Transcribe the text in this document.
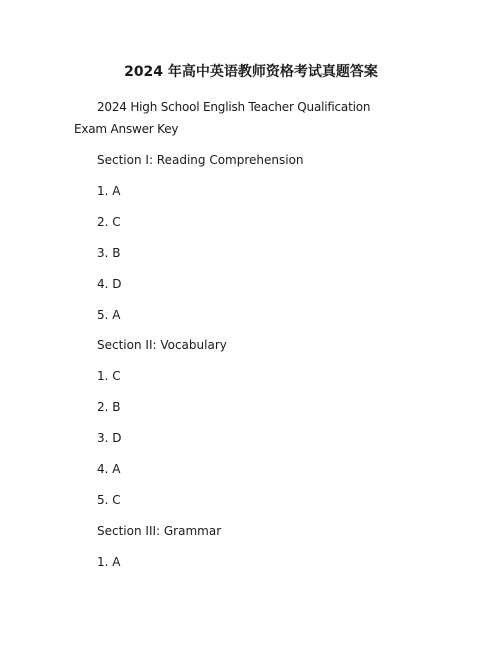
2024 年高中英语教师资格考试真题答案
2024 High School English Teacher Qualification Exam Answer Key
Section I: Reading Comprehension
1. A
2. C
3. B
4. D
5. A
Section II: Vocabulary
1. C
2. B
3. D
4. A
5. C
Section III: Grammar
1. A
